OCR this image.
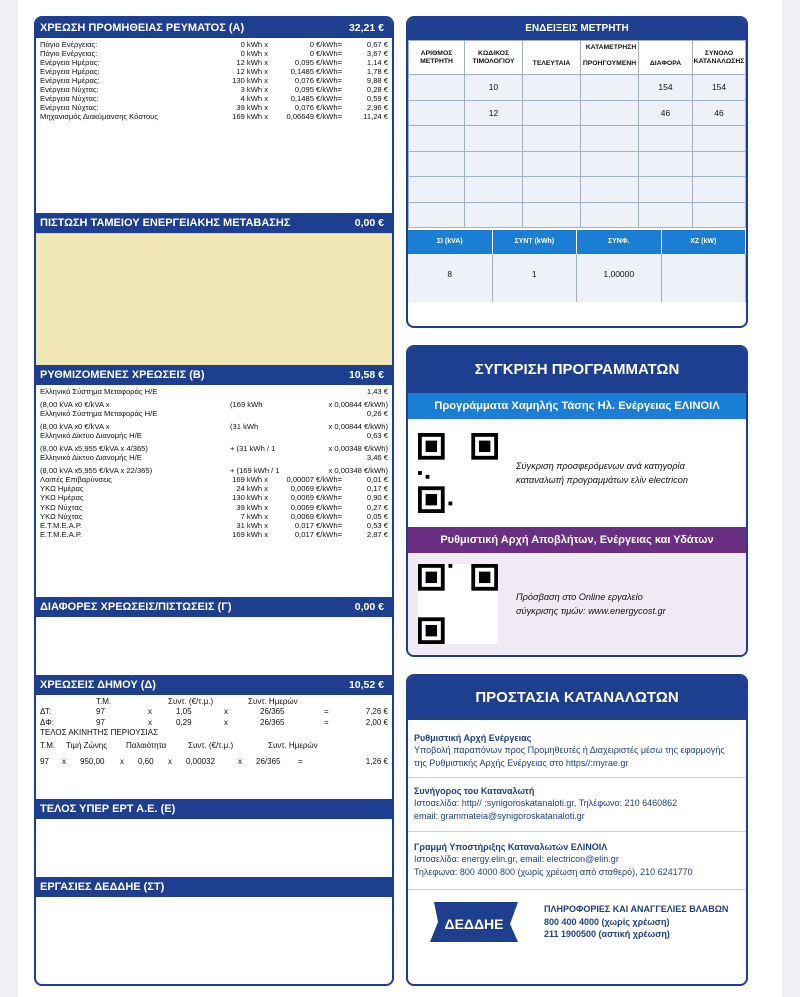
ΧΡΕΩΣΗ ΠΡΟΜΗΘΕΙΑΣ ΡΕΥΜΑΤΟΣ (Α)	32,21 €
Πάγιο Ενέργειας:	0 kWh x	0 €/kWh=	0,67 €
Πάγιο Ενέργειας:	0 kWh x	0 €/kWh=	3,67 €
Ενέργεια Ημέρας:	12 kWh x	0,095 €/kWh=	1,14 €
Ενέργεια Ημέρας:	12 kWh x	0,1485 €/kWh=	1,78 €
Ενέργεια Ημέρας:	130 kWh x	0,076 €/kWh=	9,88 €
Ενέργεια Νύχτας:	3 kWh x	0,095 €/kWh=	0,28 €
Ενέργεια Νύχτας:	4 kWh x	0,1485 €/kWh=	0,59 €
Ενέργεια Νύχτας:	39 kWh x	0,076 €/kWh=	2,96 €
Μηχανισμός Διακύμανσης Κόστους	169 kWh x	0,06649 €/kWh=	11,24 €
ΠΙΣΤΩΣΗ ΤΑΜΕΙΟΥ ΕΝΕΡΓΕΙΑΚΗΣ ΜΕΤΑΒΑΣΗΣ	0,00 €
ΡΥΘΜΙΖΟΜΕΝΕΣ ΧΡΕΩΣΕΙΣ (Β)	10,58 €
Ελληνικό Σύστημα Μεταφοράς Η/Ε	1,43 €
(8,00 kVA x 0 €/kVA x	(169 kWh	x 0,00844 €/kWh)
Ελληνικό Σύστημα Μεταφοράς Η/Ε	0,26 €
(8,00 kVA x 0 €/kVA x	(31 kWh	x 0,00844 €/kWh)
Ελληνικό Δίκτυο Διανομής Η/Ε	0,63 €
(8,00 kVA x 5,955 €/kVA x 4/365)	+ (31 kWh / 1	x 0,00348 €/kWh)
Ελληνικό Δίκτυο Διανομής Η/Ε	3,46 €
(8,00 kVA x 5,955 €/kVA x 22/365)	+ (169 kWh / 1	x 0,00348 €/kWh)
Λοιπές Επιβαρύνσεις	169 kWh x	0,00007 €/kWh=	0,01 €
ΥΚΩ Ημέρας	24 kWh x	0,0069 €/kWh=	0,17 €
ΥΚΩ Ημέρας	130 kWh x	0,0069 €/kWh=	0,90 €
ΥΚΩ Νύχτας	39 kWh x	0,0069 €/kWh=	0,27 €
ΥΚΩ Νύχτας	7 kWh x	0,0069 €/kWh=	0,05 €
Ε.Τ.Μ.Ε.Α.Ρ.	31 kWh x	0,017 €/kWh=	0,53 €
Ε.Τ.Μ.Ε.Α.Ρ.	169 kWh x	0,017 €/kWh=	2,87 €
ΔΙΑΦΟΡΕΣ ΧΡΕΩΣΕΙΣ/ΠΙΣΤΩΣΕΙΣ (Γ)	0,00 €
ΧΡΕΩΣΕΙΣ ΔΗΜΟΥ (Δ)	10,52 €
Τ.Μ.	Συντ. (€/τ.μ.)	Συντ. Ημερών
ΔΤ:	97	x	1,05	x	26/365	=	7,26 €
ΔΦ:	97	x	0,29	x	26/365	=	2,00 €
ΤΕΛΟΣ ΑΚΙΝΗΤΗΣ ΠΕΡΙΟΥΣΙΑΣ
Τ.Μ.	Τιμή Ζώνης	Παλαιότητα	Συντ. (€/τ.μ.)	Συντ. Ημερών
97	x	950,00	x	0,60	x	0,00032	x	26/365	=	1,26 €
ΤΕΛΟΣ ΥΠΕΡ ΕΡΤ Α.Ε. (Ε)
ΕΡΓΑΣΙΕΣ ΔΕΔΔΗΕ (ΣΤ)
ΕΝΔΕΙΞΕΙΣ ΜΕΤΡΗΤΗ
ΑΡΙΘΜΟΣ ΜΕΤΡΗΤΗ	ΚΩΔΙΚΟΣ ΤΙΜΟΛΟΓΙΟΥ	ΤΕΛΕΥΤΑΙΑ	ΚΑΤΑΜΕΤΡΗΣΗ
ΠΡΟΗΓΟΥΜΕΝΗ	ΔΙΑΦΟΡΑ	ΣΥΝΟΛΟ ΚΑΤΑΝΑΛΩΣΗΣ
	10			154	154
	12			46	46

ΣΙ (kVA)	ΣΥΝΤ (kWh)	ΣΥΝΦ.	ΧΖ (kW)
8	1	1,00000
ΣΥΓΚΡΙΣΗ ΠΡΟΓΡΑΜΜΑΤΩΝ
Προγράμματα Χαμηλής Τάσης Ηλ. Ενέργειας ΕΛΙΝΟΙΛ
Σύγκριση προσφερόμενων ανά κατηγορία
καταναλωτή προγραμμάτων ελίν electricon
Ρυθμιστική Αρχή Αποβλήτων, Ενέργειας και Υδάτων
Πρόσβαση στο Online εργαλείο
σύγκρισης τιμών: www.energycost.gr
ΠΡΟΣΤΑΣΙΑ ΚΑΤΑΝΑΛΩΤΩΝ
Ρυθμιστική Αρχή Ενέργειας
Υποβολή παραπόνων προς Προμηθευτές ή Διαχειριστές μέσω της εφαρμογής
της Ρυθμιστικής Αρχής Ενέργειας στο https//:myrae.gr
Συνήγορος του Καταναλωτή
Ιστοσελίδα: http// :synigoroskatanaloti.gr, Τηλέφωνο: 210 6460862
email: grammateia@synigoroskatanaloti.gr
Γραμμή Υποστήριξης Καταναλωτών ΕΛΙΝΟΙΛ
Ιστοσελίδα: energy.elin.gr, email: electricon@elin.gr
Τηλεφωνα: 800 4000 800 (χωρίς χρέωση από σταθερό), 210 6241770
ΔΕΔΔΗΕ
ΠΛΗΡΟΦΟΡΙΕΣ ΚΑΙ ΑΝΑΓΓΕΛΙΕΣ ΒΛΑΒΩΝ
800 400 4000 (χωρίς χρέωση)
211 1900500 (αστική χρέωση)
